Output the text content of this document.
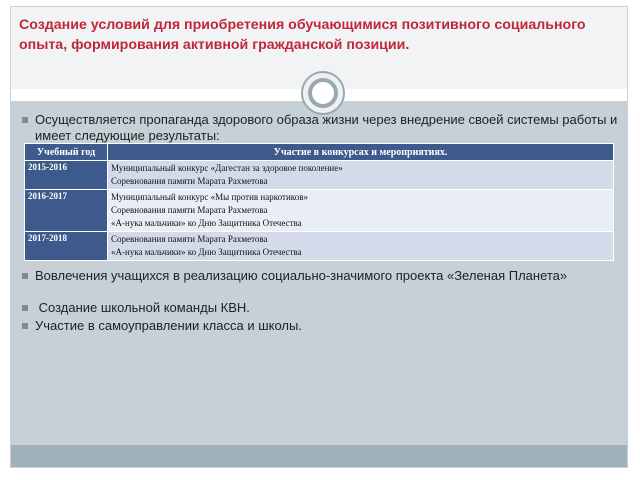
Создание условий для приобретения обучающимися позитивного социального опыта, формирования активной гражданской позиции.
Осуществляется пропаганда здорового образа жизни через внедрение своей системы работы и имеет следующие результаты:
Учебный год	Участие в конкурсах и мероприятиях.
2015-2016	Муниципальный конкурс «Дагестан за здоровое поколение»
Соревнования памяти Марата Рахметова

2016-2017	Муниципальный конкурс «Мы против наркотиков»
Соревнования памяти Марата Рахметова
«А-нука мальчики» ко Дню Защитника Отечества

2017-2018	Соревнования памяти Марата Рахметова
«А-нука мальчики» ко Дню Защитника Отечества
Вовлечения учащихся в реализацию социально-значимого проекта «Зеленая Планета»
Создание школьной команды КВН.
Участие в самоуправлении класса и школы.
